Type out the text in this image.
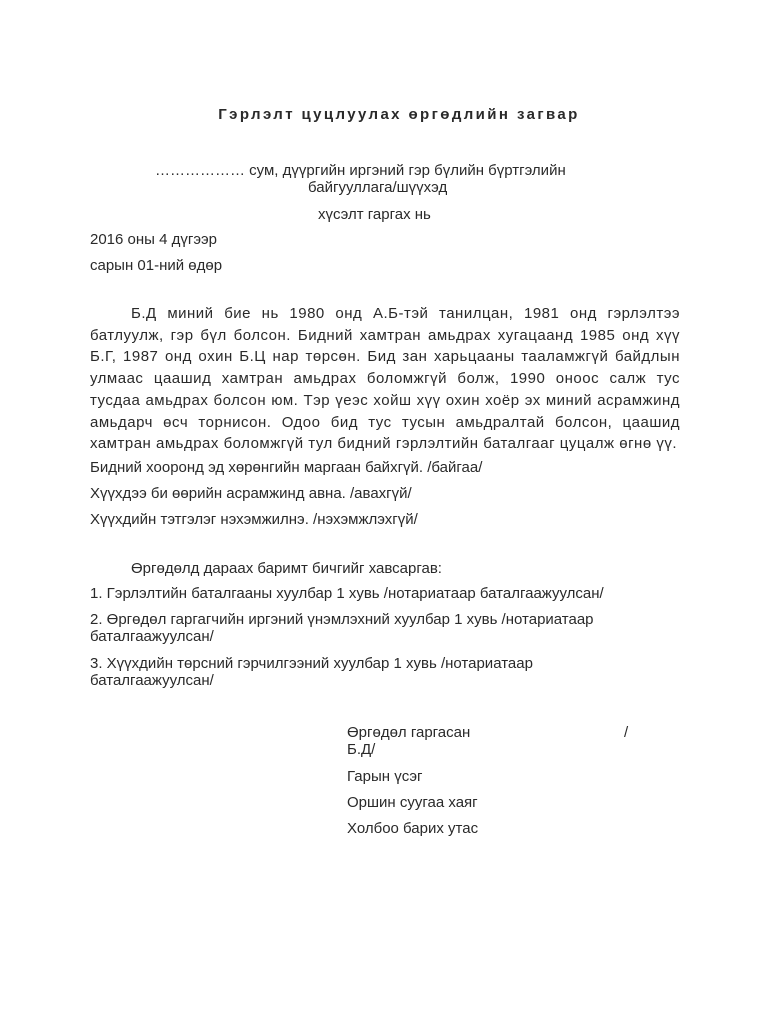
Гэрлэлт цуцлуулах өргөдлийн загвар
……………… сум, дүүргийн иргэний гэр бүлийн бүртгэлийн
байгууллага/шүүхэд
хүсэлт гаргах нь
2016 оны 4 дүгээр
сарын 01-ний өдөр
Б.Д миний бие нь 1980 онд А.Б-тэй танилцан, 1981 онд гэрлэлтээ батлуулж, гэр бүл болсон. Бидний хамтран амьдрах хугацаанд 1985 онд хүү Б.Г, 1987 онд охин Б.Ц нар төрсөн. Бид зан харьцааны тааламжгүй байдлын улмаас цаашид хамтран амьдрах боломжгүй болж, 1990 оноос салж тус тусдаа амьдрах болсон юм. Тэр үеэс хойш хүү охин хоёр эх миний асрамжинд амьдарч өсч торнисон. Одоо бид тус тусын амьдралтай болсон, цаашид хамтран амьдрах боломжгүй тул бидний гэрлэлтийн баталгааг цуцалж өгнө үү.
Бидний хооронд эд хөрөнгийн маргаан байхгүй. /байгаа/
Хүүхдээ би өөрийн асрамжинд авна. /авахгүй/
Хүүхдийн тэтгэлэг нэхэмжилнэ. /нэхэмжлэхгүй/
Өргөдөлд дараах баримт бичгийг хавсаргав:
1. Гэрлэлтийн баталгааны хуулбар 1 хувь /нотариатаар баталгаажуулсан/
2. Өргөдөл гаргагчийн иргэний үнэмлэхний хуулбар 1 хувь /нотариатаар
баталгаажуулсан/
3. Хүүхдийн төрсний гэрчилгээний хуулбар 1 хувь /нотариатаар
баталгаажуулсан/
Өргөдөл гаргасан	/
Б.Д/
Гарын үсэг
Оршин суугаа хаяг
Холбоо барих утас
